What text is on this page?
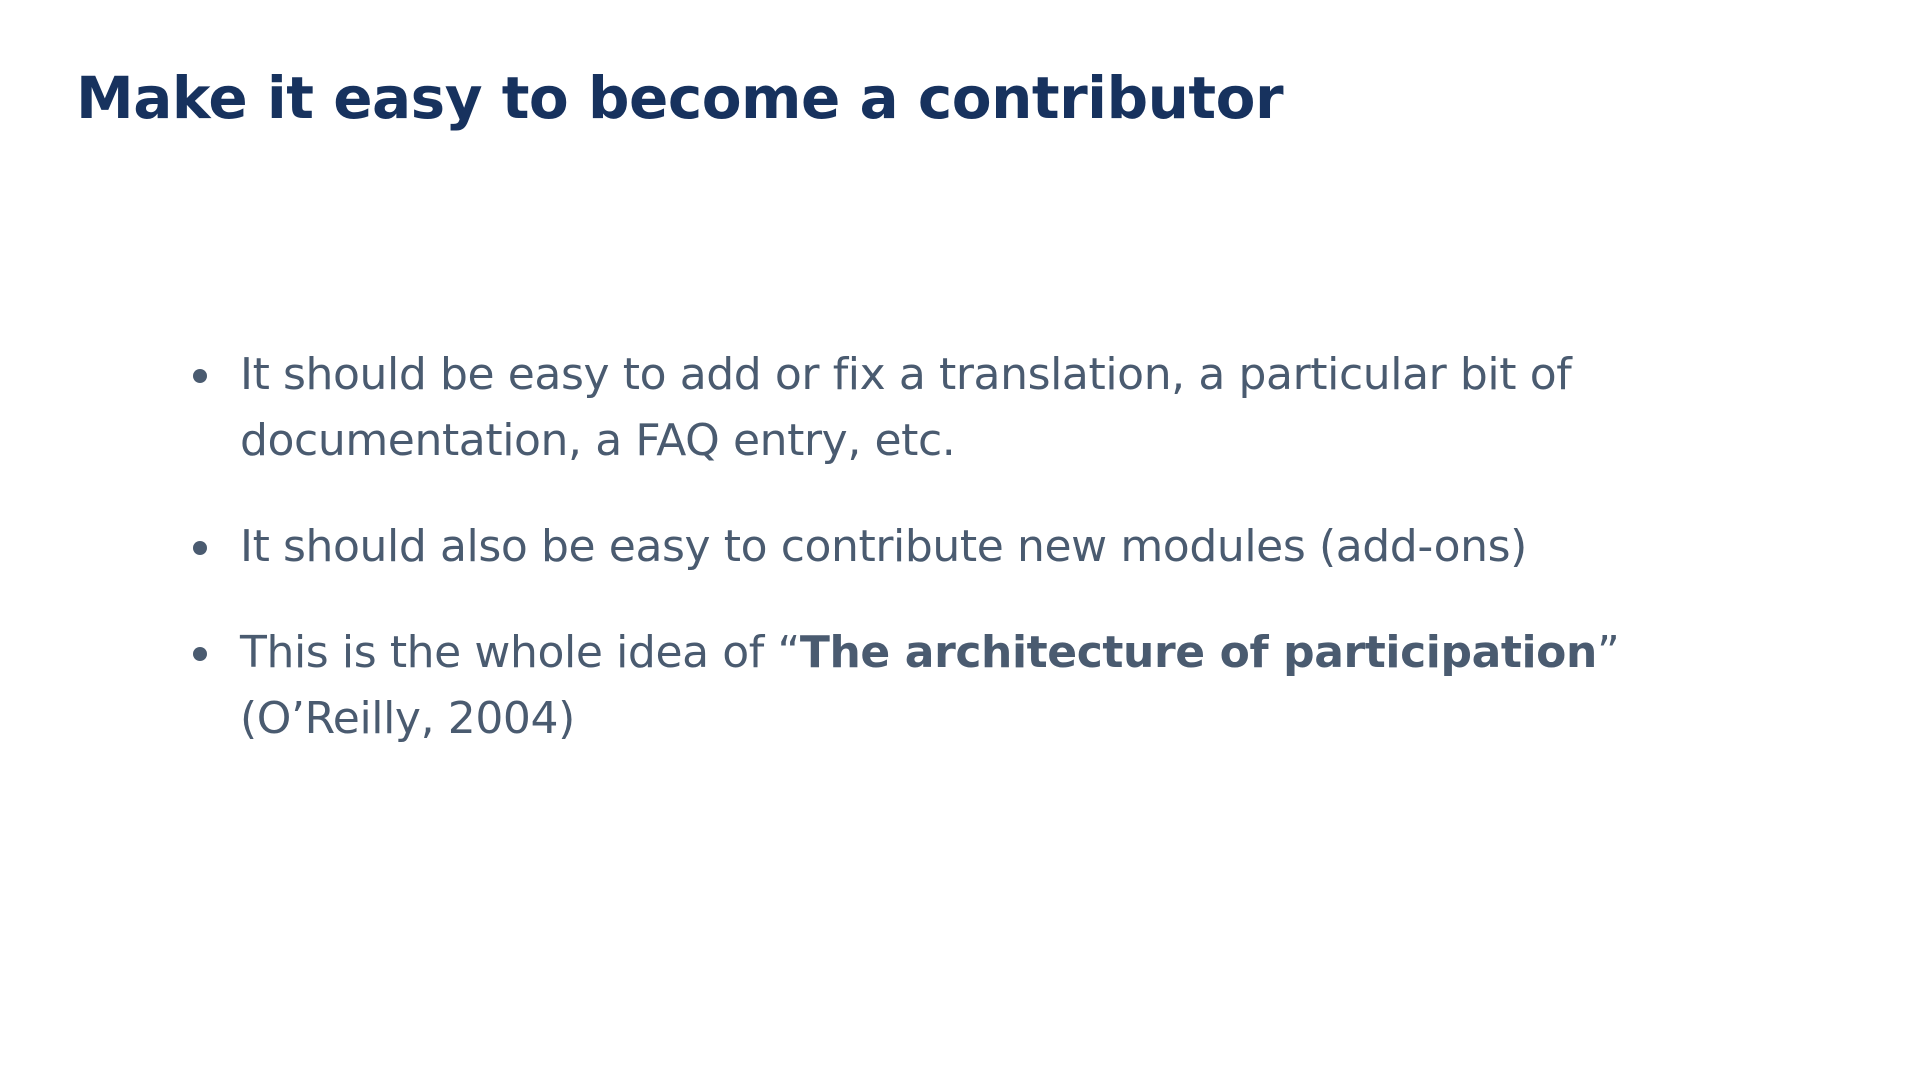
Make it easy to become a contributor
It should be easy to add or fix a translation, a particular bit of documentation, a FAQ entry, etc.
It should also be easy to contribute new modules (add-ons)
This is the whole idea of “The architecture of participation” (O’Reilly, 2004)
